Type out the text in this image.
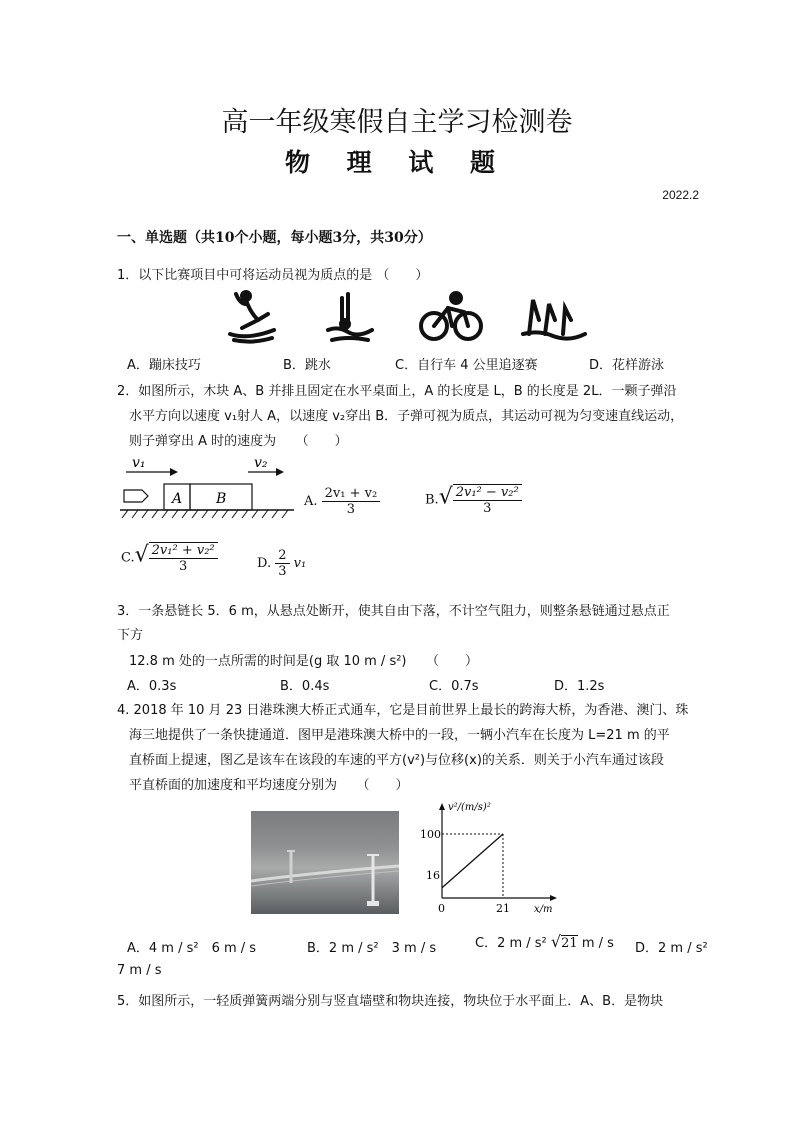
高一年级寒假自主学习检测卷
物 理 试 题
2022.2
一、单选题（共10个小题，每小题3分，共30分）
1．以下比赛项目中可将运动员视为质点的是 （　　）
A．蹦床技巧	B．跳水	C．自行车 4 公里追逐赛	D．花样游泳
2．如图所示，木块 A、B 并排且固定在水平桌面上，A 的长度是 L，B 的长度是 2L．一颗子弹沿
水平方向以速度 v₁射人 A，以速度 v₂穿出 B．子弹可视为质点，其运动可视为匀变速直线运动，
则子弹穿出 A 时的速度为　　（　　）
v₁	v₂
A B	A. $\frac{\text{2v₁ + v₂}}{3}$	$B.√ \frac{\text{2v₁² − v₂²}}{3}$
$C.√ \frac{\text{2v₁² + v₂²}}{3}$	D. $\frac{2}{3} v_1$
3．一条悬链长 5．6 m，从悬点处断开，使其自由下落，不计空气阻力，则整条悬链通过悬点正
下方
12.8 m 处的一点所需的时间是(g 取 10 m / s²)　　（　　）
A．0.3s	B．0.4s	C．0.7s	D．1.2s
4. 2018 年 10 月 23 日港珠澳大桥正式通车，它是目前世界上最长的跨海大桥，为香港、澳门、珠
海三地提供了一条快捷通道．图甲是港珠澳大桥中的一段，一辆小汽车在长度为 L=21 m 的平
直桥面上提速，图乙是该车在该段的车速的平方(v²)与位移(x)的关系．则关于小汽车通过该段
平直桥面的加速度和平均速度分别为　　（　　）
v²/(m/s)²
x/m
100
16
0	21
A．4 m / s²　6 m / s	B．2 m / s²　3 m / s	C．2 m / s² √21 m / s D．2 m / s²
7 m / s
5．如图所示，一轻质弹簧两端分别与竖直墙壁和物块连接，物块位于水平面上．A、B．是物块
